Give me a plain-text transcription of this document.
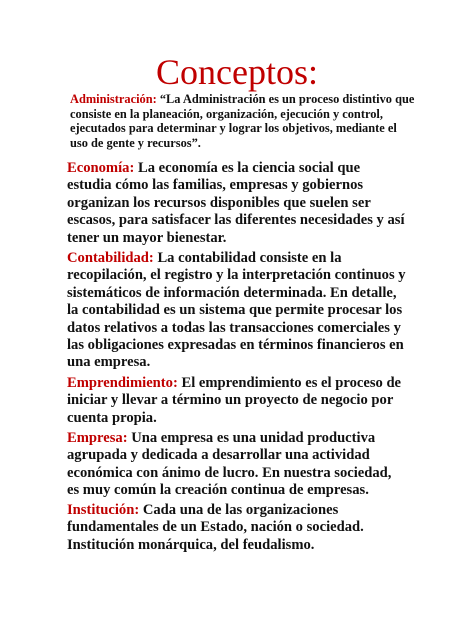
Conceptos:

Administración: “La Administración es un proceso distintivo que consiste en la planeación, organización, ejecución y control, ejecutados para determinar y lograr los objetivos, mediante el uso de gente y recursos”.

Economía: La economía es la ciencia social que estudia cómo las familias, empresas y gobiernos organizan los recursos disponibles que suelen ser escasos, para satisfacer las diferentes necesidades y así tener un mayor bienestar.

Contabilidad: La contabilidad consiste en la recopilación, el registro y la interpretación continuos y sistemáticos de información determinada. En detalle, la contabilidad es un sistema que permite procesar los datos relativos a todas las transacciones comerciales y las obligaciones expresadas en términos financieros en una empresa.

Emprendimiento: El emprendimiento es el proceso de iniciar y llevar a término un proyecto de negocio por cuenta propia.

Empresa: Una empresa es una unidad productiva agrupada y dedicada a desarrollar una actividad económica con ánimo de lucro. En nuestra sociedad, es muy común la creación continua de empresas.

Institución: Cada una de las organizaciones fundamentales de un Estado, nación o sociedad. Institución monárquica, del feudalismo.
